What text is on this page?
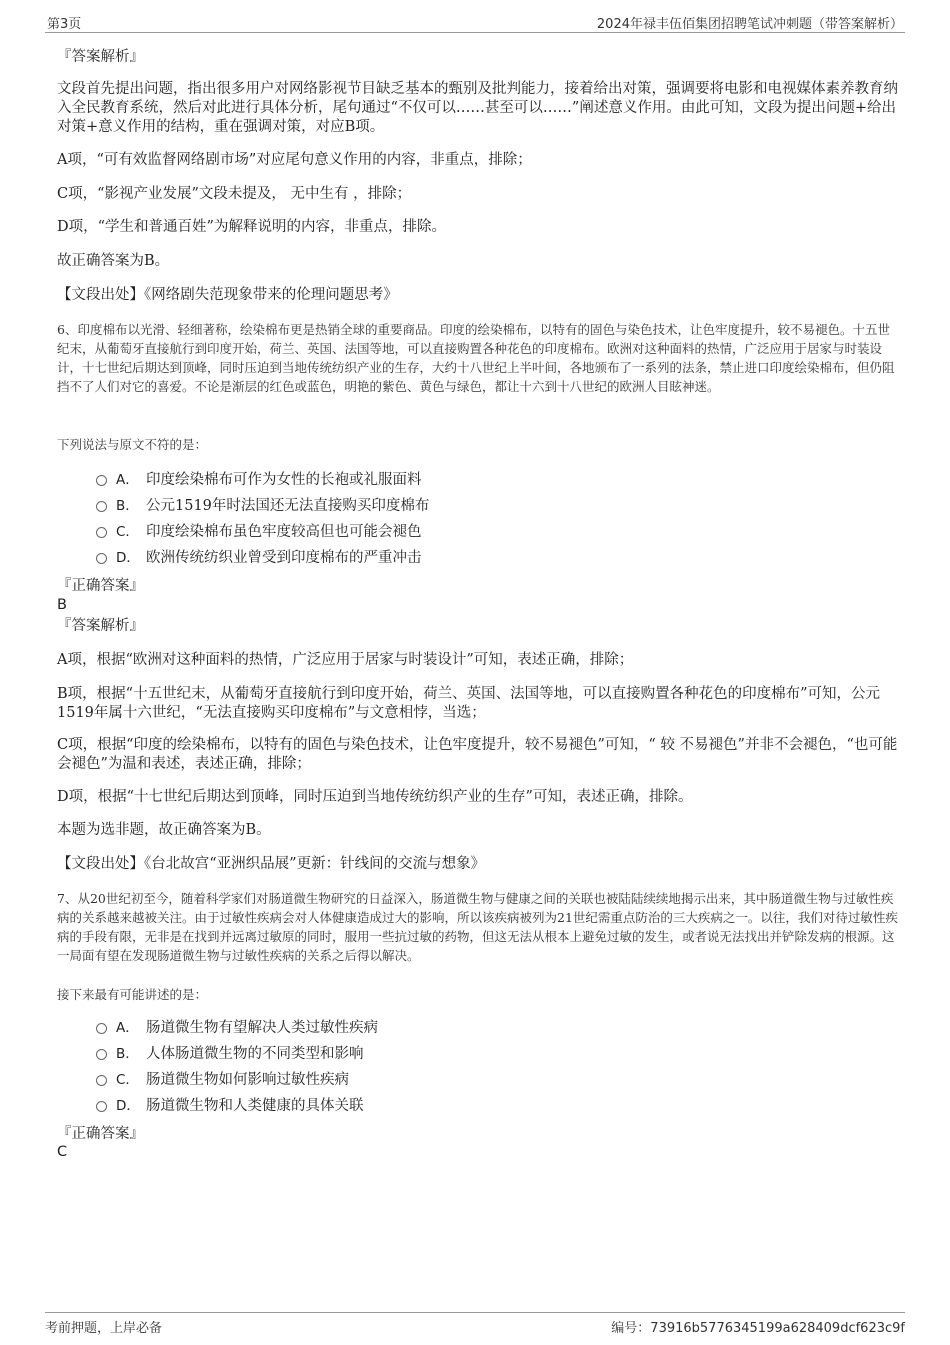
第3页	2024年禄丰伍佰集团招聘笔试冲刺题（带答案解析）
『答案解析』
文段首先提出问题，指出很多用户对网络影视节目缺乏基本的甄别及批判能力，接着给出对策，强调要将电影和电视媒体素养教育纳入全民教育系统，然后对此进行具体分析，尾句通过“不仅可以……甚至可以……”阐述意义作用。由此可知，文段为提出问题+给出对策+意义作用的结构，重在强调对策，对应B项。
A项，“可有效监督网络剧市场”对应尾句意义作用的内容，非重点，排除；
C项，“影视产业发展”文段未提及， 无中生有 ，排除；
D项，“学生和普通百姓”为解释说明的内容，非重点，排除。
故正确答案为B。
【文段出处】《网络剧失范现象带来的伦理问题思考》
6、印度棉布以光滑、轻细著称，绘染棉布更是热销全球的重要商品。印度的绘染棉布，以特有的固色与染色技术，让色牢度提升，较不易褪色。十五世纪末，从葡萄牙直接航行到印度开始，荷兰、英国、法国等地，可以直接购置各种花色的印度棉布。欧洲对这种面料的热情，广泛应用于居家与时装设计，十七世纪后期达到顶峰，同时压迫到当地传统纺织产业的生存，大约十八世纪上半叶间，各地颁布了一系列的法条，禁止进口印度绘染棉布，但仍阻挡不了人们对它的喜爱。不论是渐层的红色或蓝色，明艳的紫色、黄色与绿色，都让十六到十八世纪的欧洲人目眩神迷。
下列说法与原文不符的是：
A． 印度绘染棉布可作为女性的长袍或礼服面料
B． 公元1519年时法国还无法直接购买印度棉布
C． 印度绘染棉布虽色牢度较高但也可能会褪色
D． 欧洲传统纺织业曾受到印度棉布的严重冲击
『正确答案』
B
『答案解析』
A项，根据“欧洲对这种面料的热情，广泛应用于居家与时装设计”可知，表述正确，排除；
B项，根据“十五世纪末，从葡萄牙直接航行到印度开始，荷兰、英国、法国等地，可以直接购置各种花色的印度棉布”可知，公元1519年属十六世纪，“无法直接购买印度棉布”与文意相悖，当选；
C项，根据“印度的绘染棉布，以特有的固色与染色技术，让色牢度提升，较不易褪色”可知，“ 较 不易褪色”并非不会褪色，“也可能会褪色”为温和表述，表述正确，排除；
D项，根据“十七世纪后期达到顶峰，同时压迫到当地传统纺织产业的生存”可知，表述正确，排除。
本题为选非题，故正确答案为B。
【文段出处】《台北故宫“亚洲织品展”更新：针线间的交流与想象》
7、从20世纪初至今，随着科学家们对肠道微生物研究的日益深入，肠道微生物与健康之间的关联也被陆陆续续地揭示出来，其中肠道微生物与过敏性疾病的关系越来越被关注。由于过敏性疾病会对人体健康造成过大的影响，所以该疾病被列为21世纪需重点防治的三大疾病之一。以往，我们对待过敏性疾病的手段有限，无非是在找到并远离过敏原的同时，服用一些抗过敏的药物，但这无法从根本上避免过敏的发生，或者说无法找出并铲除发病的根源。这一局面有望在发现肠道微生物与过敏性疾病的关系之后得以解决。
接下来最有可能讲述的是：
A． 肠道微生物有望解决人类过敏性疾病
B． 人体肠道微生物的不同类型和影响
C． 肠道微生物如何影响过敏性疾病
D． 肠道微生物和人类健康的具体关联
『正确答案』
C
考前押题，上岸必备	编号：73916b5776345199a628409dcf623c9f
